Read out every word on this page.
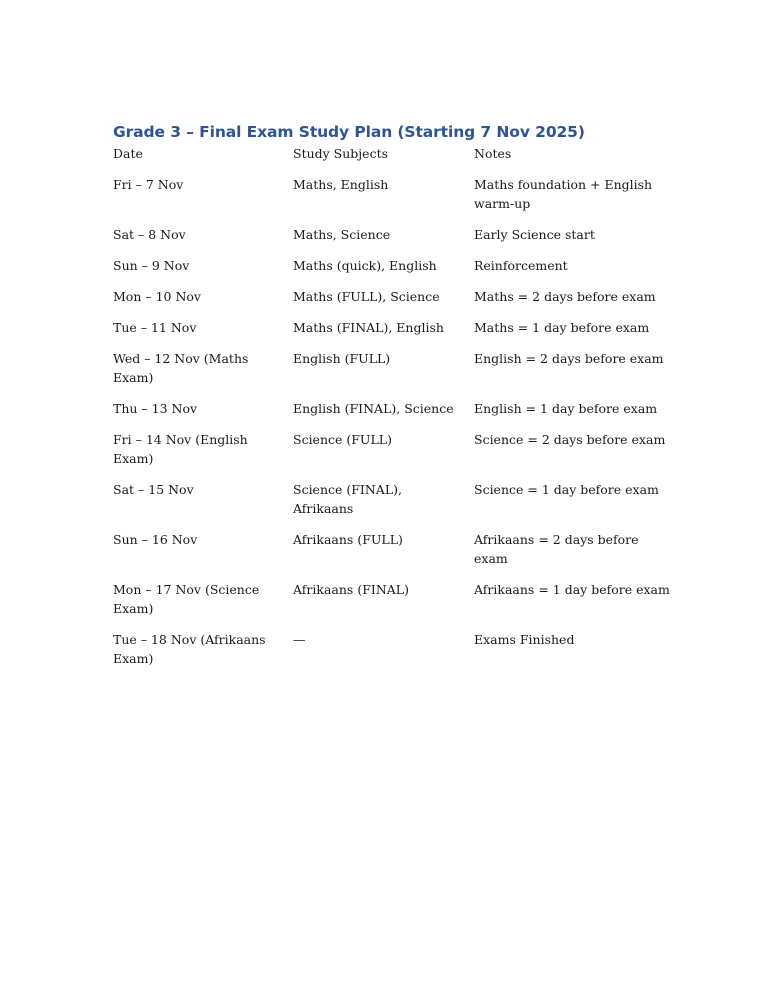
Grade 3 – Final Exam Study Plan (Starting 7 Nov 2025)
Date	Study Subjects	Notes
Fri – 7 Nov	Maths, English	Maths foundation + English warm-up
Sat – 8 Nov	Maths, Science	Early Science start
Sun – 9 Nov	Maths (quick), English	Reinforcement
Mon – 10 Nov	Maths (FULL), Science	Maths = 2 days before exam
Tue – 11 Nov	Maths (FINAL), English	Maths = 1 day before exam
Wed – 12 Nov (Maths Exam)	English (FULL)	English = 2 days before exam
Thu – 13 Nov	English (FINAL), Science	English = 1 day before exam
Fri – 14 Nov (English Exam)	Science (FULL)	Science = 2 days before exam
Sat – 15 Nov	Science (FINAL), Afrikaans	Science = 1 day before exam
Sun – 16 Nov	Afrikaans (FULL)	Afrikaans = 2 days before exam
Mon – 17 Nov (Science Exam)	Afrikaans (FINAL)	Afrikaans = 1 day before exam
Tue – 18 Nov (Afrikaans Exam)	—	Exams Finished
